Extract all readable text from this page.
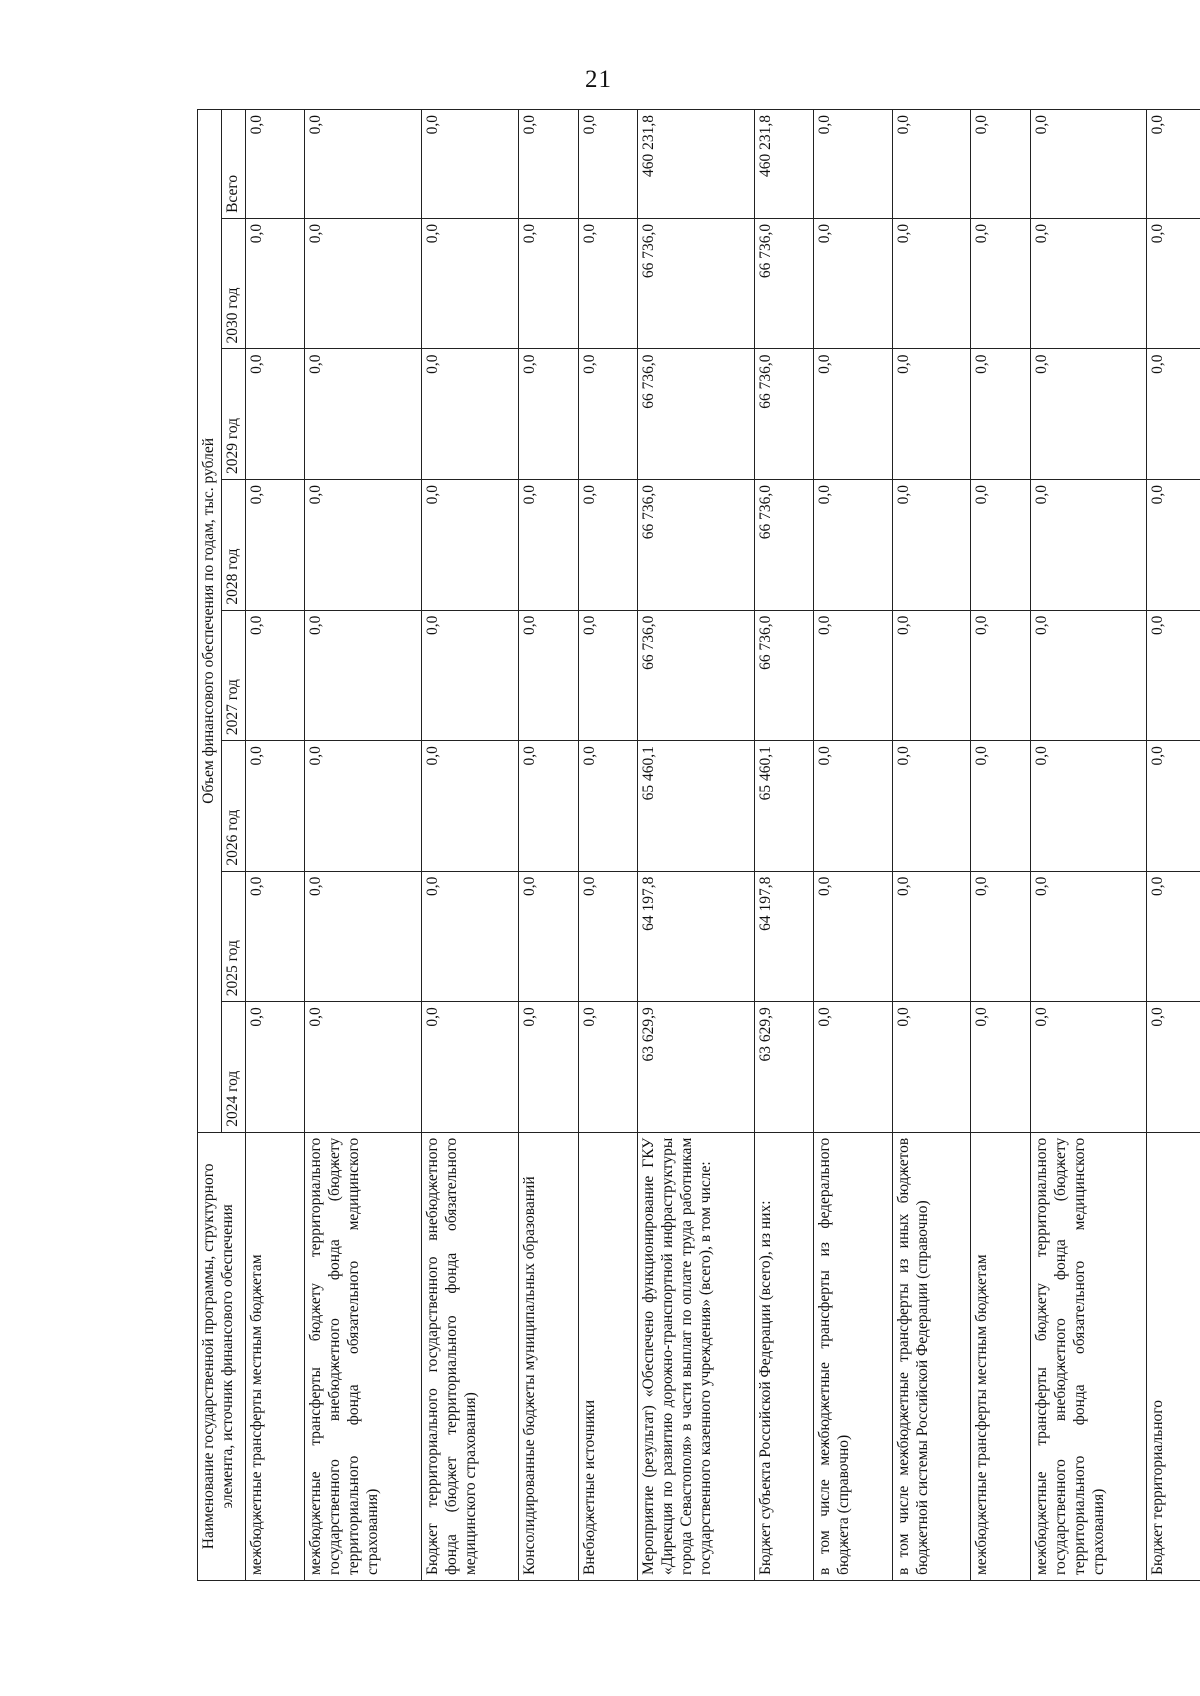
21
Наименование государственной программы, структурного элемента, источник финансового обеспечения	Объем финансового обеспечения по годам, тыс. рублей							
	2024 год	2025 год	2026 год	2027 год	2028 год	2029 год	2030 год	Всего
межбюджетные трансферты местным бюджетам	0,0	0,0	0,0	0,0	0,0	0,0	0,0	0,0
межбюджетные трансферты бюджету территориального государственного внебюджетного фонда (бюджету территориального фонда обязательного медицинского страхования)	0,0	0,0	0,0	0,0	0,0	0,0	0,0	0,0
Бюджет территориального государственного внебюджетного фонда (бюджет территориального фонда обязательного медицинского страхования)	0,0	0,0	0,0	0,0	0,0	0,0	0,0	0,0
Консолидированные бюджеты муниципальных образований	0,0	0,0	0,0	0,0	0,0	0,0	0,0	0,0
Внебюджетные источники	0,0	0,0	0,0	0,0	0,0	0,0	0,0	0,0
Мероприятие (результат) «Обеспечено функционирование ГКУ «Дирекция по развитию дорожно-транспортной инфраструктуры города Севастополя» в части выплат по оплате труда работникам государственного казенного учреждения» (всего), в том числе:	63 629,9	64 197,8	65 460,1	66 736,0	66 736,0	66 736,0	66 736,0	460 231,8
Бюджет субъекта Российской Федерации (всего), из них:	63 629,9	64 197,8	65 460,1	66 736,0	66 736,0	66 736,0	66 736,0	460 231,8
в том числе межбюджетные трансферты из федерального бюджета (справочно)	0,0	0,0	0,0	0,0	0,0	0,0	0,0	0,0
в том числе межбюджетные трансферты из иных бюджетов бюджетной системы Российской Федерации (справочно)	0,0	0,0	0,0	0,0	0,0	0,0	0,0	0,0
межбюджетные трансферты местным бюджетам	0,0	0,0	0,0	0,0	0,0	0,0	0,0	0,0
межбюджетные трансферты бюджету территориального государственного внебюджетного фонда (бюджету территориального фонда обязательного медицинского страхования)	0,0	0,0	0,0	0,0	0,0	0,0	0,0	0,0
Бюджет территориального	0,0	0,0	0,0	0,0	0,0	0,0	0,0	0,0
